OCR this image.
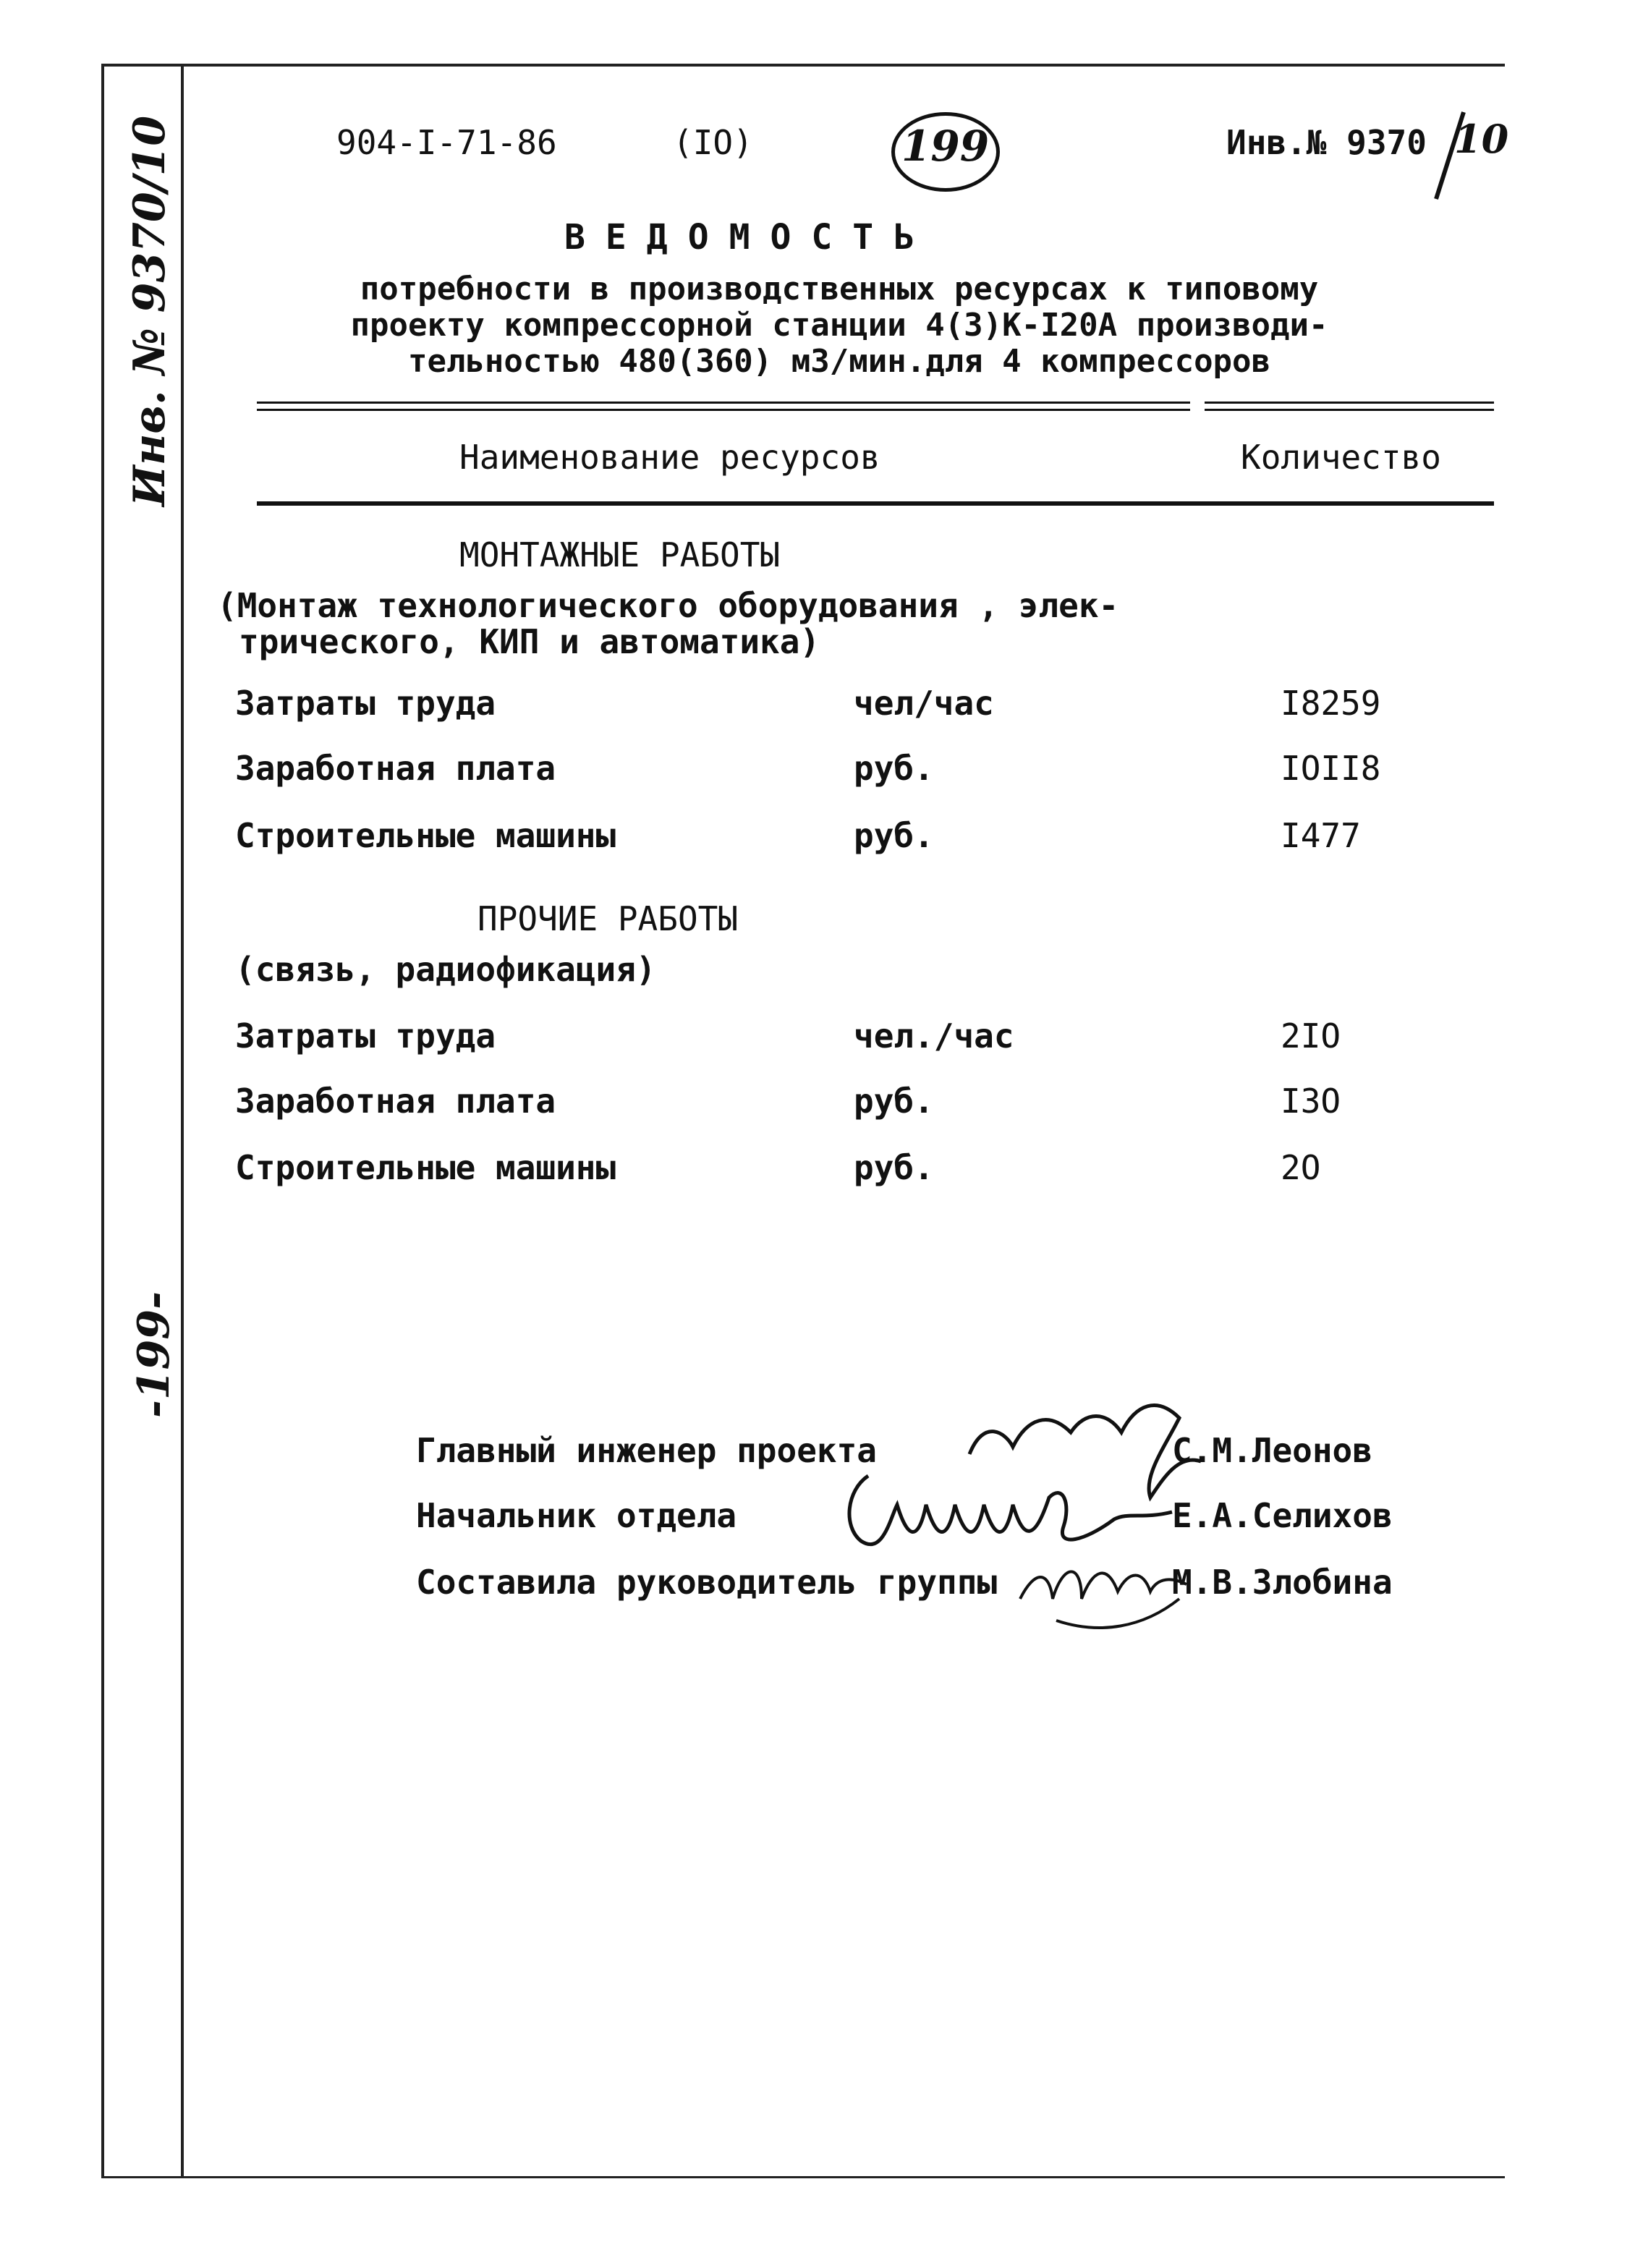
Инв. № 9370/10
-199-
904-I-71-86	(IO)	199	Инв.№ 9370 10
ВЕДОМОСТЬ
потребности в производственных ресурсах к типовому
проекту компрессорной станции 4(3)К-I20А производи-
тельностью 480(360) м3/мин.для 4 компрессоров
Наименование ресурсов	Количество
МОНТАЖНЫЕ РАБОТЫ
(Монтаж технологического оборудования , элек-
трического, КИП и автоматика)
Затраты труда	чел/час	I8259
Заработная плата	руб.	IOII8
Строительные машины	руб.	I477
ПРОЧИЕ РАБОТЫ
(связь, радиофикация)
Затраты труда	чел./час	2IO
Заработная плата	руб.	I3O
Строительные машины	руб.	2O
Главный инженер проекта	С.М.Леонов
Начальник отдела	Е.А.Селихов
Составила руководитель группы	М.В.Злобина
